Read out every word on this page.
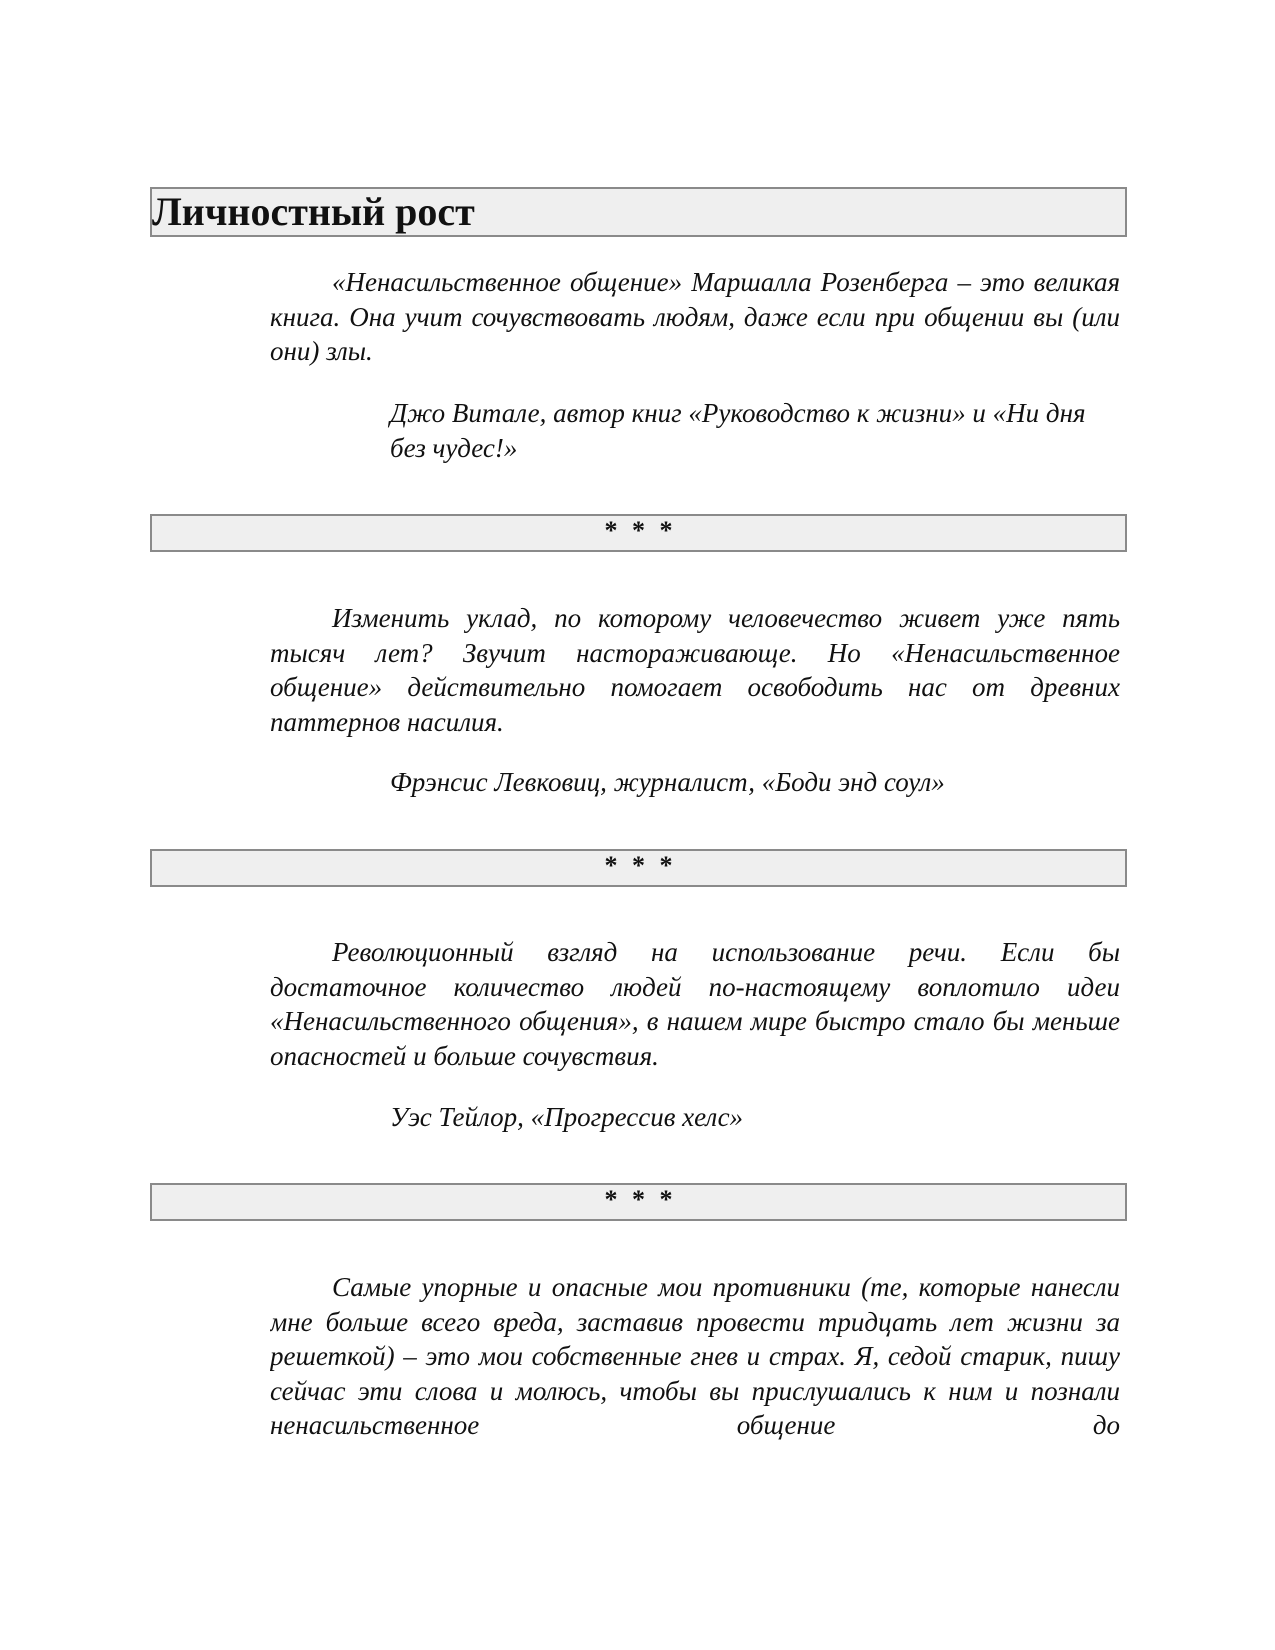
Личностный рост

«Ненасильственное общение» Маршалла Розенберга – это великая книга. Она учит сочувствовать людям, даже если при общении вы (или они) злы.

Джо Витале, автор книг «Руководство к жизни» и «Ни дня без чудес!»

* * *

Изменить уклад, по которому человечество живет уже пять тысяч лет? Звучит настораживающе. Но «Ненасильственное общение» действительно помогает освободить нас от древних паттернов насилия.

Фрэнсис Левковиц, журналист, «Боди энд соул»

* * *

Революционный взгляд на использование речи. Если бы достаточное количество людей по-настоящему воплотило идеи «Ненасильственного общения», в нашем мире быстро стало бы меньше опасностей и больше сочувствия.

Уэс Тейлор, «Прогрессив хелс»

* * *

Самые упорные и опасные мои противники (те, которые нанесли мне больше всего вреда, заставив провести тридцать лет жизни за решеткой) – это мои собственные гнев и страх. Я, седой старик, пишу сейчас эти слова и молюсь, чтобы вы прислушались к ним и познали ненасильственное общение до
